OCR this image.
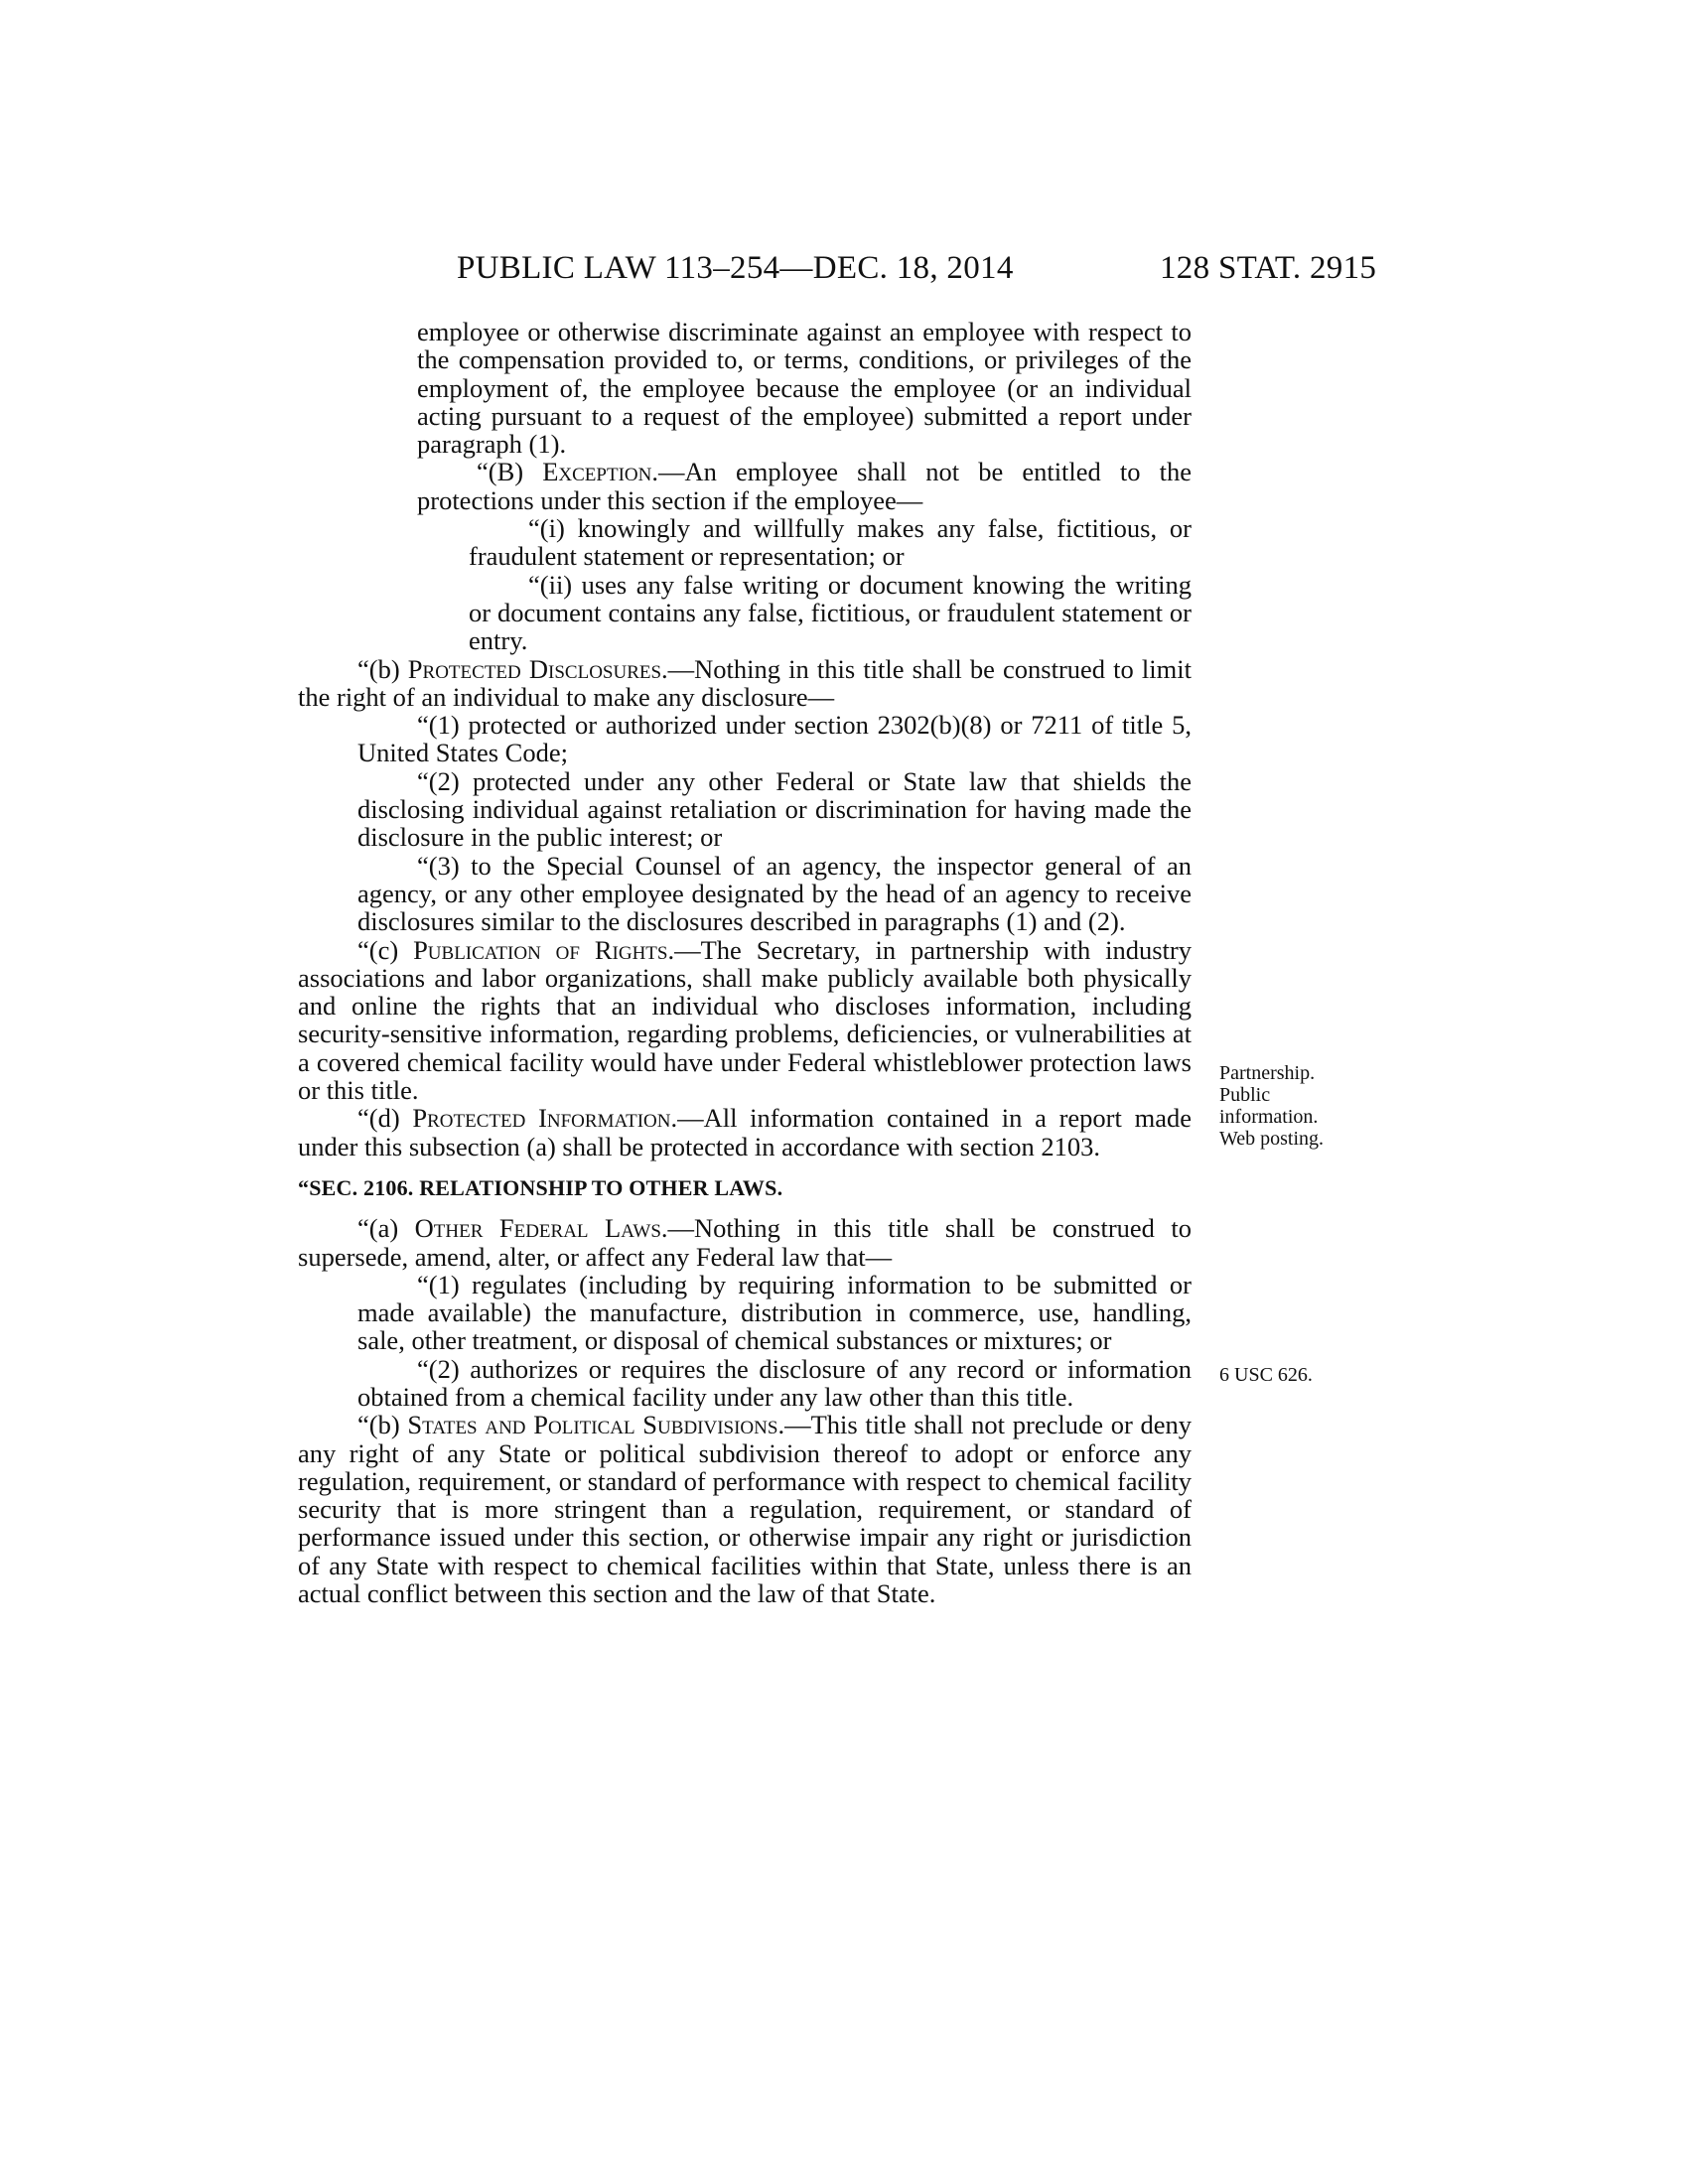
PUBLIC LAW 113–254—DEC. 18, 2014	128 STAT. 2915

employee or otherwise discriminate against an employee with respect to the compensation provided to, or terms, conditions, or privileges of the employment of, the employee because the employee (or an individual acting pursuant to a request of the employee) submitted a report under paragraph (1).

“(B) Exception.—An employee shall not be entitled to the protections under this section if the employee—

“(i) knowingly and willfully makes any false, fictitious, or fraudulent statement or representation; or

“(ii) uses any false writing or document knowing the writing or document contains any false, fictitious, or fraudulent statement or entry.

“(b) Protected Disclosures.—Nothing in this title shall be construed to limit the right of an individual to make any disclosure—

“(1) protected or authorized under section 2302(b)(8) or 7211 of title 5, United States Code;

“(2) protected under any other Federal or State law that shields the disclosing individual against retaliation or discrimination for having made the disclosure in the public interest; or

“(3) to the Special Counsel of an agency, the inspector general of an agency, or any other employee designated by the head of an agency to receive disclosures similar to the disclosures described in paragraphs (1) and (2).

“(c) Publication of Rights.—The Secretary, in partnership with industry associations and labor organizations, shall make publicly available both physically and online the rights that an individual who discloses information, including security-sensitive information, regarding problems, deficiencies, or vulnerabilities at a covered chemical facility would have under Federal whistleblower protection laws or this title.

“(d) Protected Information.—All information contained in a report made under this subsection (a) shall be protected in accordance with section 2103.

“SEC. 2106. RELATIONSHIP TO OTHER LAWS.

“(a) Other Federal Laws.—Nothing in this title shall be construed to supersede, amend, alter, or affect any Federal law that—

“(1) regulates (including by requiring information to be submitted or made available) the manufacture, distribution in commerce, use, handling, sale, other treatment, or disposal of chemical substances or mixtures; or

“(2) authorizes or requires the disclosure of any record or information obtained from a chemical facility under any law other than this title.

“(b) States and Political Subdivisions.—This title shall not preclude or deny any right of any State or political subdivision thereof to adopt or enforce any regulation, requirement, or standard of performance with respect to chemical facility security that is more stringent than a regulation, requirement, or standard of performance issued under this section, or otherwise impair any right or jurisdiction of any State with respect to chemical facilities within that State, unless there is an actual conflict between this section and the law of that State.

Partnership.
Public information.
Web posting.
6 USC 626.
